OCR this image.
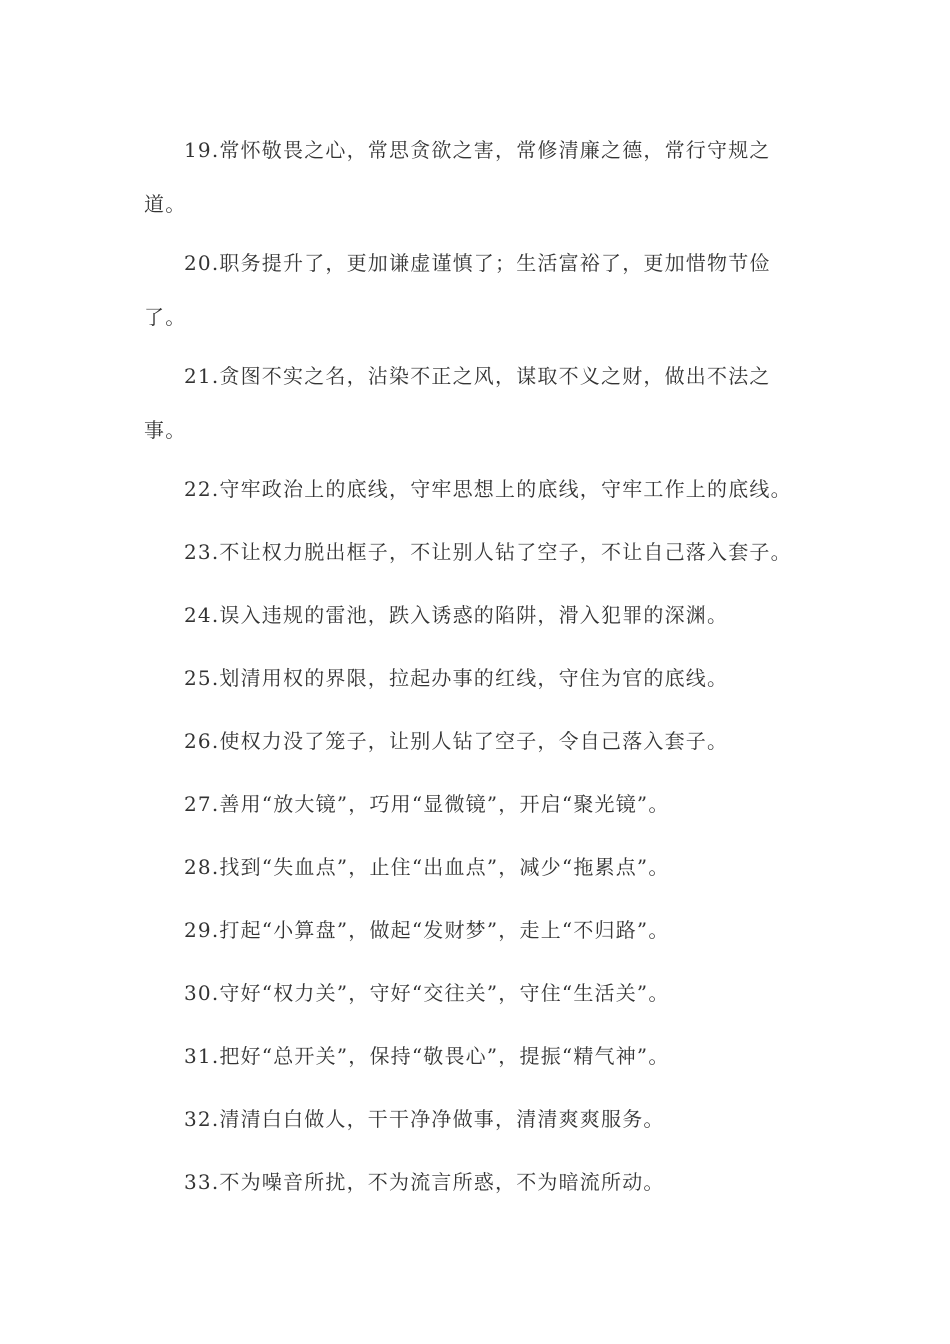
19.常怀敬畏之心，常思贪欲之害，常修清廉之德，常行守规之
道。
20.职务提升了，更加谦虚谨慎了；生活富裕了，更加惜物节俭
了。
21.贪图不实之名，沾染不正之风，谋取不义之财，做出不法之
事。
22.守牢政治上的底线，守牢思想上的底线，守牢工作上的底线。
23.不让权力脱出框子，不让别人钻了空子，不让自己落入套子。
24.误入违规的雷池，跌入诱惑的陷阱，滑入犯罪的深渊。
25.划清用权的界限，拉起办事的红线，守住为官的底线。
26.使权力没了笼子，让别人钻了空子，令自己落入套子。
27.善用“放大镜”，巧用“显微镜”，开启“聚光镜”。
28.找到“失血点”，止住“出血点”，减少“拖累点”。
29.打起“小算盘”，做起“发财梦”，走上“不归路”。
30.守好“权力关”，守好“交往关”，守住“生活关”。
31.把好“总开关”，保持“敬畏心”，提振“精气神”。
32.清清白白做人，干干净净做事，清清爽爽服务。
33.不为噪音所扰，不为流言所惑，不为暗流所动。
